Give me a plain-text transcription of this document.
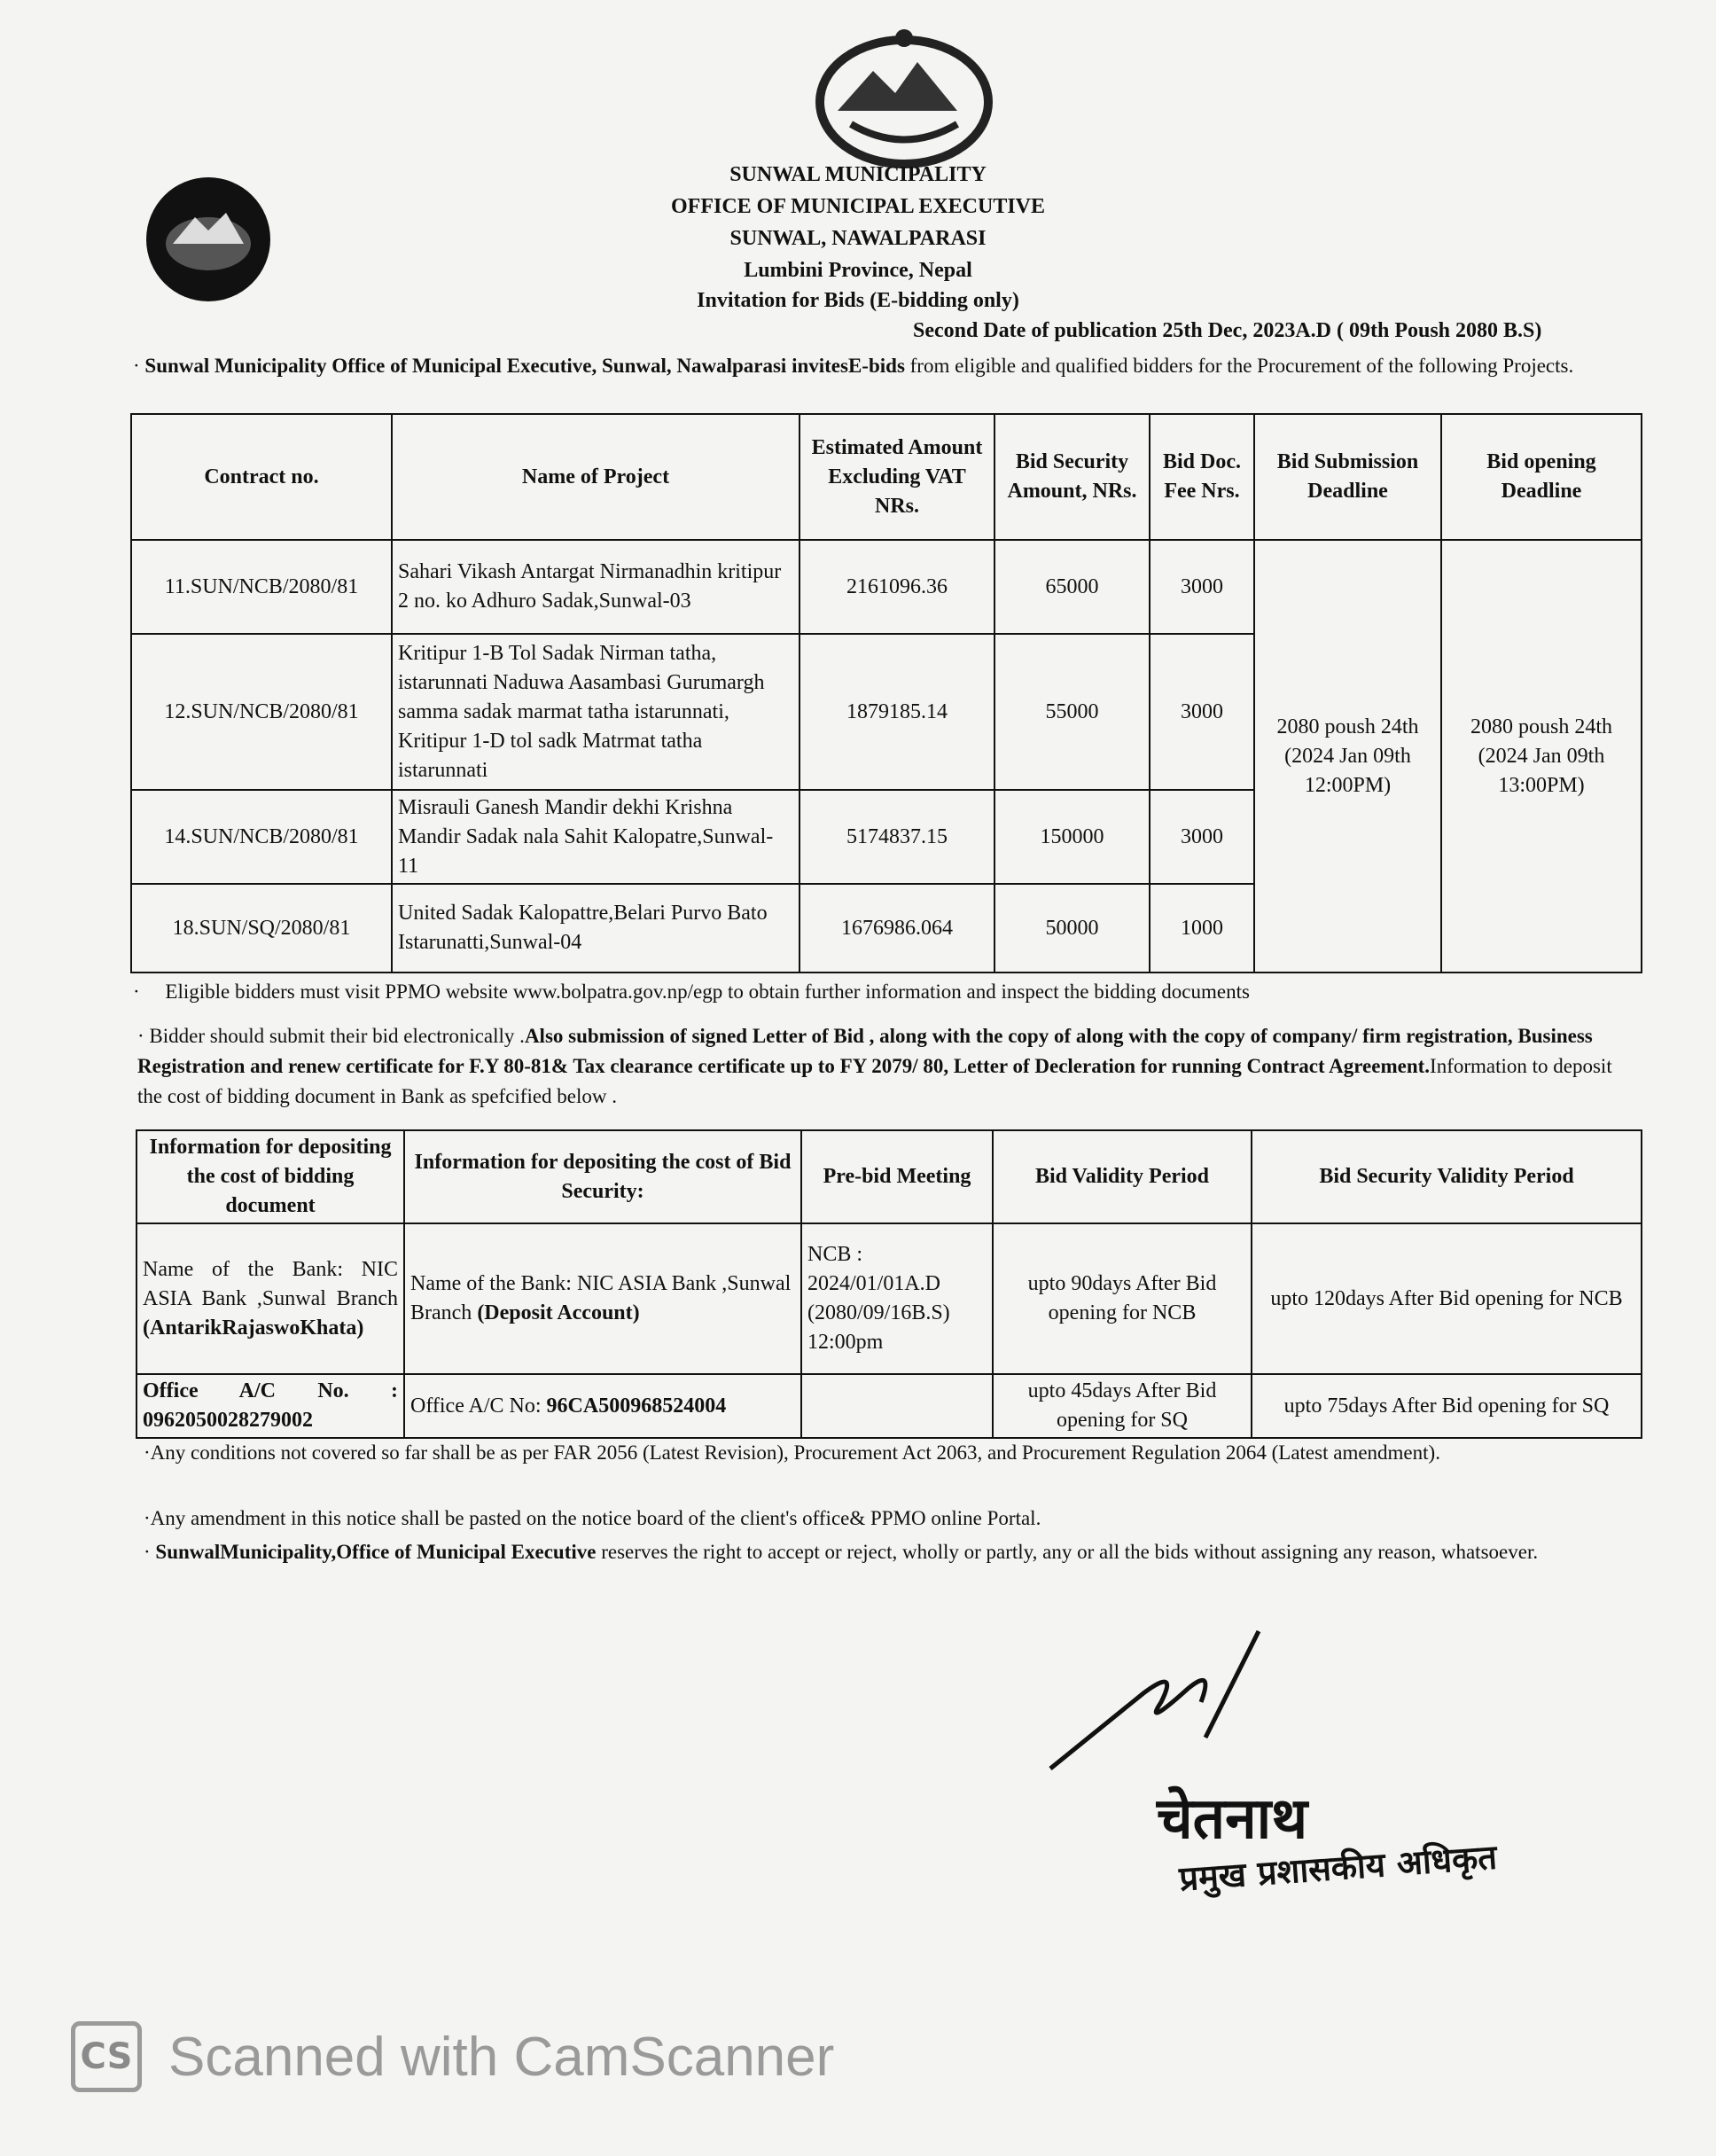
SUNWAL MUNICIPALITY
OFFICE OF MUNICIPAL EXECUTIVE
SUNWAL, NAWALPARASI
Lumbini Province, Nepal
Invitation for Bids (E-bidding only)
Second Date of publication 25th Dec, 2023A.D ( 09th Poush 2080 B.S)
· Sunwal Municipality Office of Municipal Executive, Sunwal, Nawalparasi invitesE-bids from eligible and qualified bidders for the Procurement of the following Projects.
Contract no.	Name of Project	Estimated Amount Excluding VAT NRs.	Bid Security Amount, NRs.	Bid Doc. Fee Nrs.	Bid Submission Deadline	Bid opening Deadline
11.SUN/NCB/2080/81	Sahari Vikash Antargat Nirmanadhin kritipur 2 no. ko Adhuro Sadak,Sunwal-03	2161096.36	65000	3000	2080 poush 24th (2024 Jan 09th 12:00PM)	2080 poush 24th (2024 Jan 09th 13:00PM)
12.SUN/NCB/2080/81	Kritipur 1-B Tol Sadak Nirman tatha, istarunnati Naduwa Aasambasi Gurumargh samma sadak marmat tatha istarunnati, Kritipur 1-D tol sadk Matrmat tatha istarunnati	1879185.14	55000	3000		
14.SUN/NCB/2080/81	Misrauli Ganesh Mandir dekhi Krishna Mandir Sadak nala Sahit Kalopatre,Sunwal-11	5174837.15	150000	3000		
18.SUN/SQ/2080/81	United Sadak Kalopattre,Belari Purvo Bato Istarunatti,Sunwal-04	1676986.064	50000	1000		
·     Eligible bidders must visit PPMO website www.bolpatra.gov.np/egp to obtain further information and inspect the bidding documents
· Bidder should submit their bid electronically .Also submission of signed Letter of Bid , along with the copy of along with the copy of company/ firm registration, Business Registration and renew certificate for F.Y 80-81& Tax clearance certificate up to FY 2079/ 80, Letter of Decleration for running Contract Agreement.Information to deposit the cost of bidding document in Bank as spefcified below .
Information for depositing the cost of bidding document	Information for depositing the cost of Bid Security:	Pre-bid Meeting	Bid Validity Period	Bid Security Validity Period
Name of the Bank: NIC ASIA Bank ,Sunwal Branch (AntarikRajaswoKhata)	Name of the Bank: NIC ASIA Bank ,Sunwal Branch (Deposit Account)	NCB : 2024/01/01A.D (2080/09/16B.S) 12:00pm	upto 90days After Bid opening for NCB	upto 120days After Bid opening for NCB
Office A/C No. : 0962050028279002	Office A/C No: 96CA500968524004		upto 45days After Bid opening for SQ	upto 75days After Bid opening for SQ
·Any conditions not covered so far shall be as per FAR 2056 (Latest Revision), Procurement Act 2063, and Procurement Regulation 2064 (Latest amendment).
·Any amendment in this notice shall be pasted on the notice board of the client's office& PPMO online Portal.
· SunwalMunicipality,Office of Municipal Executive reserves the right to accept or reject, wholly or partly, any or all the bids without assigning any reason, whatsoever.
चेतनाथ
प्रमुख प्रशासकीय अधिकृत
CS Scanned with CamScanner
